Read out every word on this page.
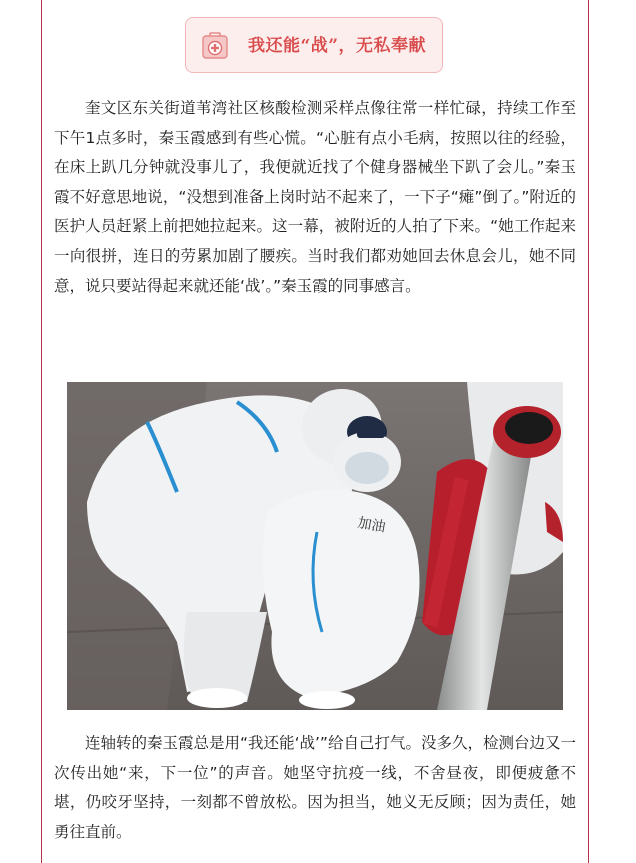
我还能“战”，无私奉献

奎文区东关街道苇湾社区核酸检测采样点像往常一样忙碌，持续工作至下午1点多时，秦玉霞感到有些心慌。“心脏有点小毛病，按照以往的经验，在床上趴几分钟就没事儿了，我便就近找了个健身器械坐下趴了会儿。”秦玉霞不好意思地说，“没想到准备上岗时站不起来了，一下子“瘫”倒了。”附近的医护人员赶紧上前把她拉起来。这一幕，被附近的人拍了下来。“她工作起来一向很拼，连日的劳累加剧了腰疾。当时我们都劝她回去休息会儿，她不同意，说只要站得起来就还能‘战’。”秦玉霞的同事感言。

加油

连轴转的秦玉霞总是用“我还能‘战’”给自己打气。没多久，检测台边又一次传出她“来，下一位”的声音。她坚守抗疫一线，不舍昼夜，即便疲惫不堪，仍咬牙坚持，一刻都不曾放松。因为担当，她义无反顾；因为责任，她勇往直前。
